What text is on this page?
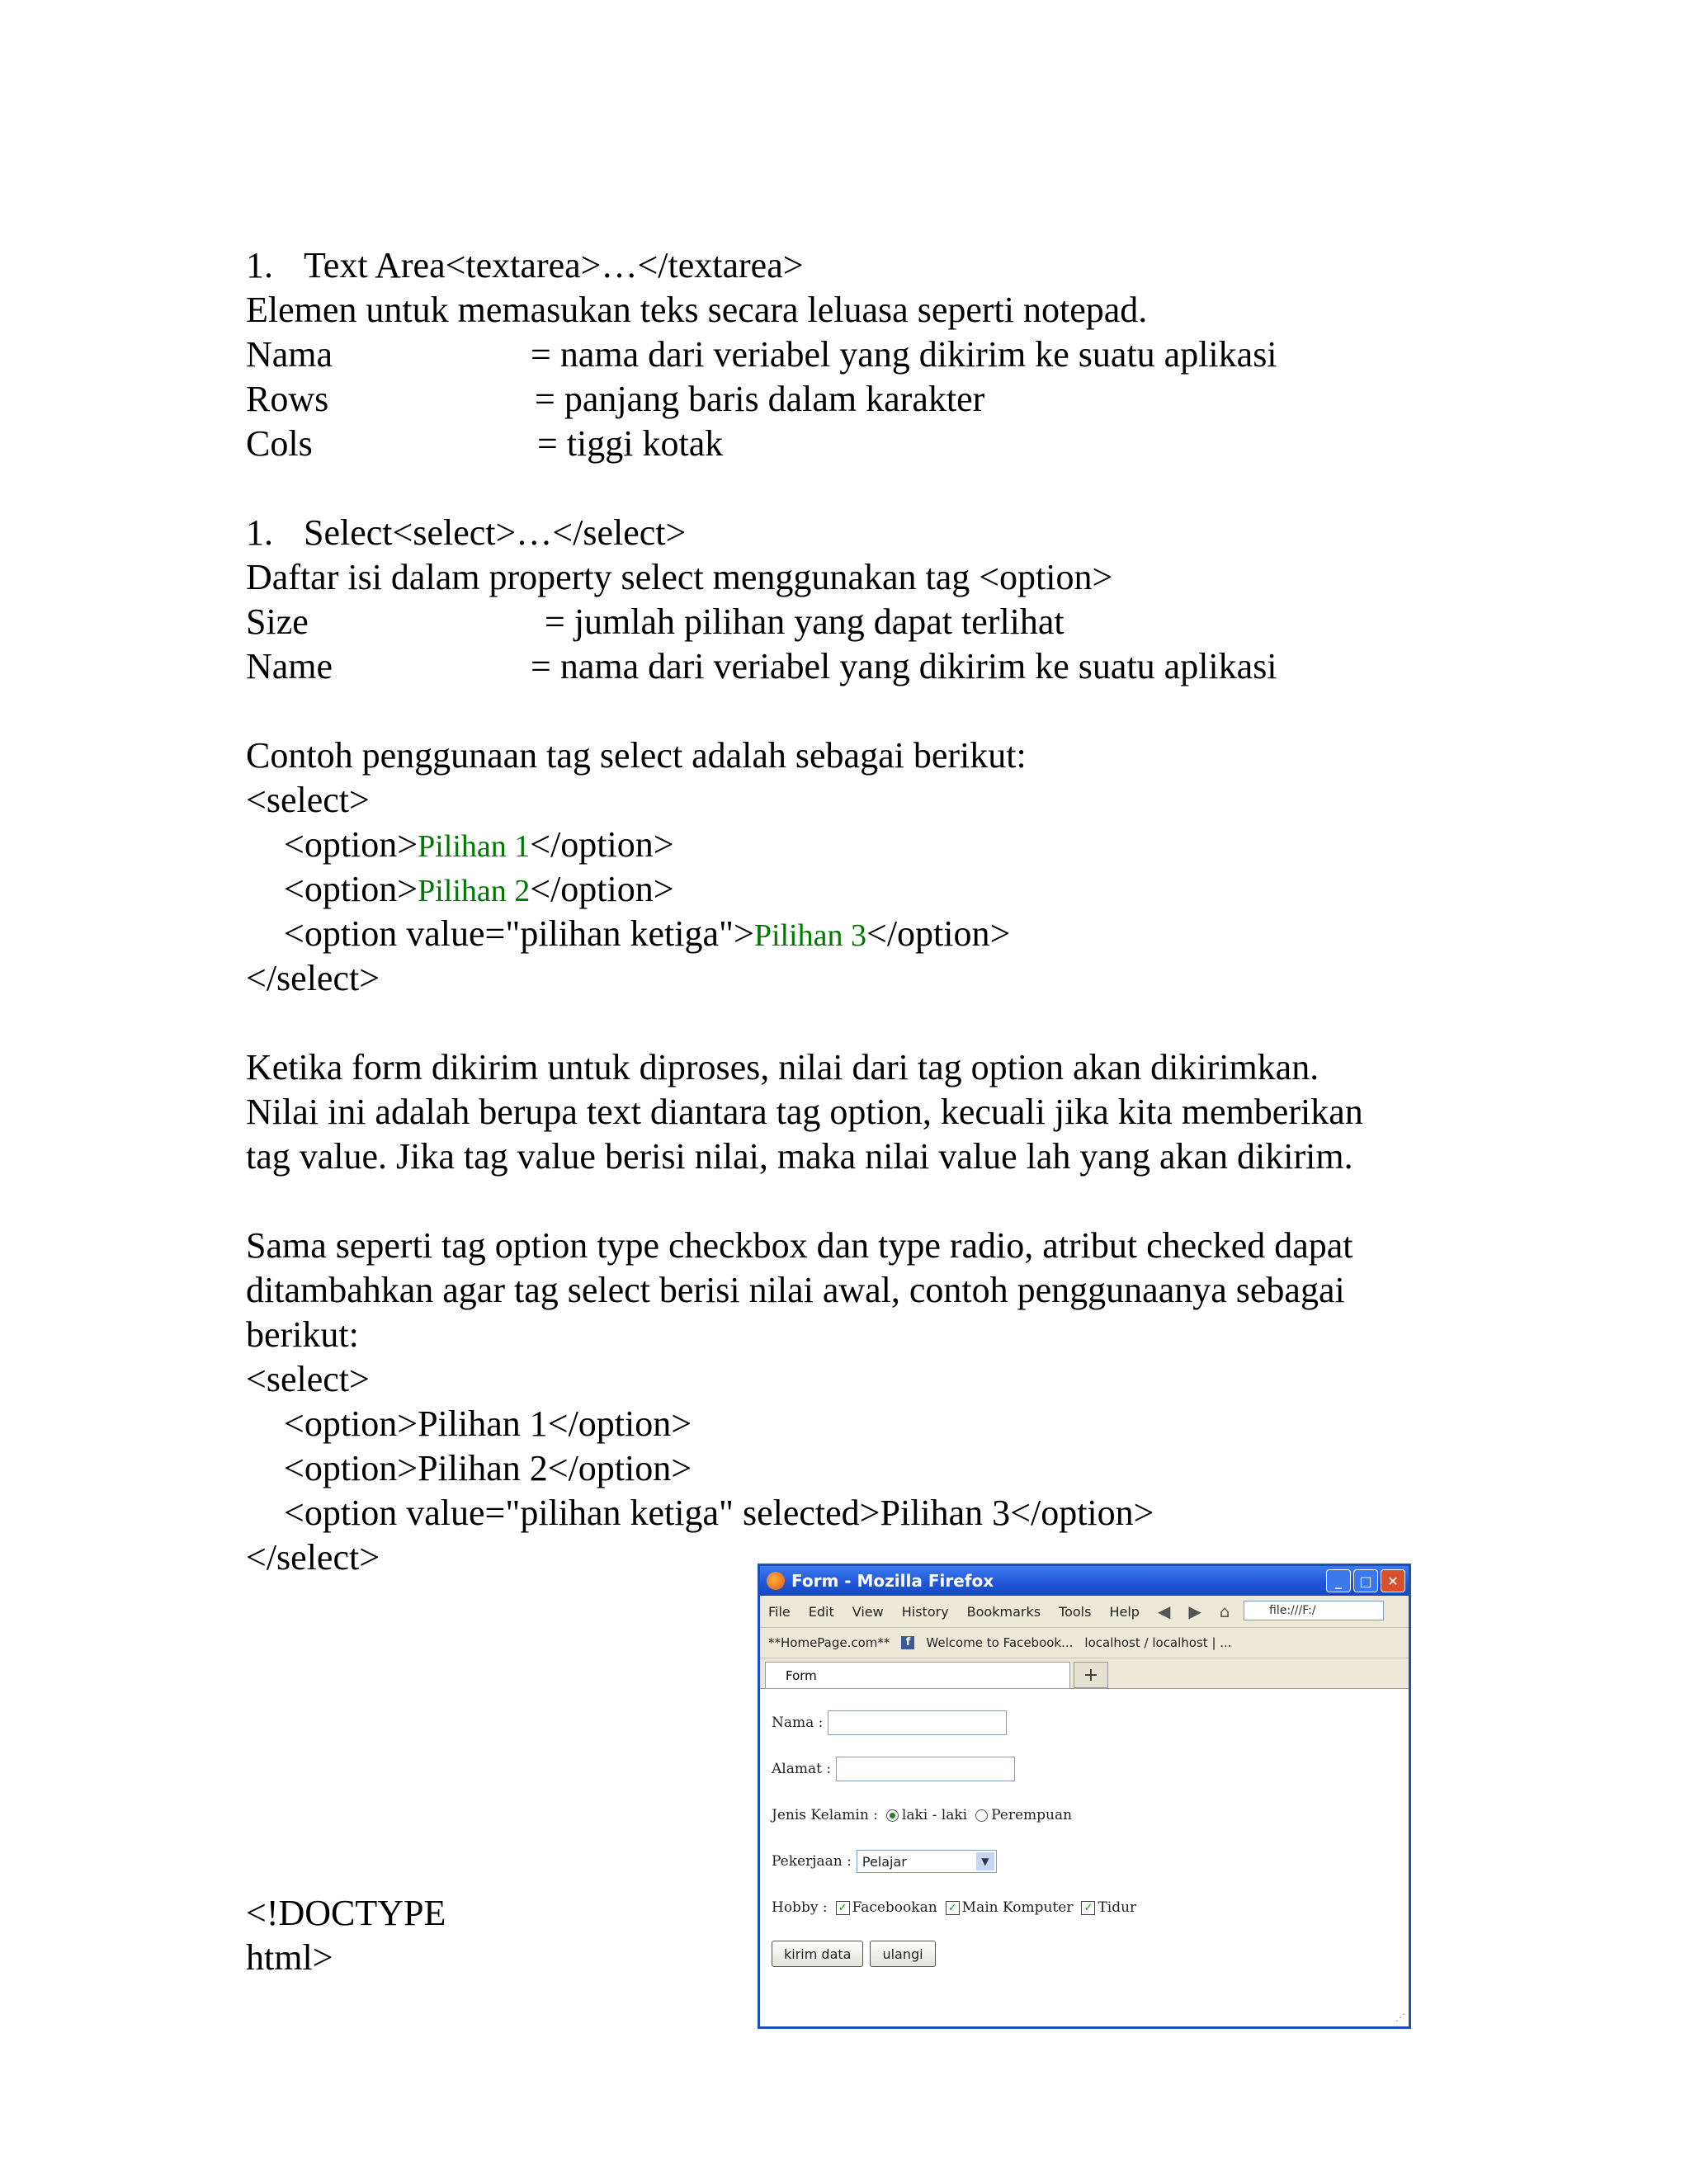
1. Text Area<textarea>…</textarea>
Elemen untuk memasukan teks secara leluasa seperti notepad.
Nama	= nama dari veriabel yang dikirim ke suatu aplikasi
Rows	= panjang baris dalam karakter
Cols	= tiggi kotak
1. Select<select>…</select>
Daftar isi dalam property select menggunakan tag <option>
Size	= jumlah pilihan yang dapat terlihat
Name	= nama dari veriabel yang dikirim ke suatu aplikasi
Contoh penggunaan tag select adalah sebagai berikut:
<select>
<option>Pilihan 1</option>
<option>Pilihan 2</option>
<option value="pilihan ketiga">Pilihan 3</option>
</select>
Ketika form dikirim untuk diproses, nilai dari tag option akan dikirimkan.
Nilai ini adalah berupa text diantara tag option, kecuali jika kita memberikan
tag value. Jika tag value berisi nilai, maka nilai value lah yang akan dikirim.
Sama seperti tag option type checkbox dan type radio, atribut checked dapat
ditambahkan agar tag select berisi nilai awal, contoh penggunaanya sebagai
berikut:
<select>
<option>Pilihan 1</option>
<option>Pilihan 2</option>
<option value="pilihan ketiga" selected>Pilihan 3</option>
</select>
<!DOCTYPE
html>
Form - Mozilla Firefox	_	□	✕
File Edit View History Bookmarks Tools Help ◀ ▶ ⌂	file:///F:/
**HomePage.com**	f	Welcome to Facebook... localhost / localhost | ...
Form	+
Nama :
Alamat :
Jenis Kelamin : laki - laki Perempuan
Pekerjaan : Pelajar	▼
Hobby : ✓ Facebookan ✓ Main Komputer ✓ Tidur
kirim data	ulangi
⋰
